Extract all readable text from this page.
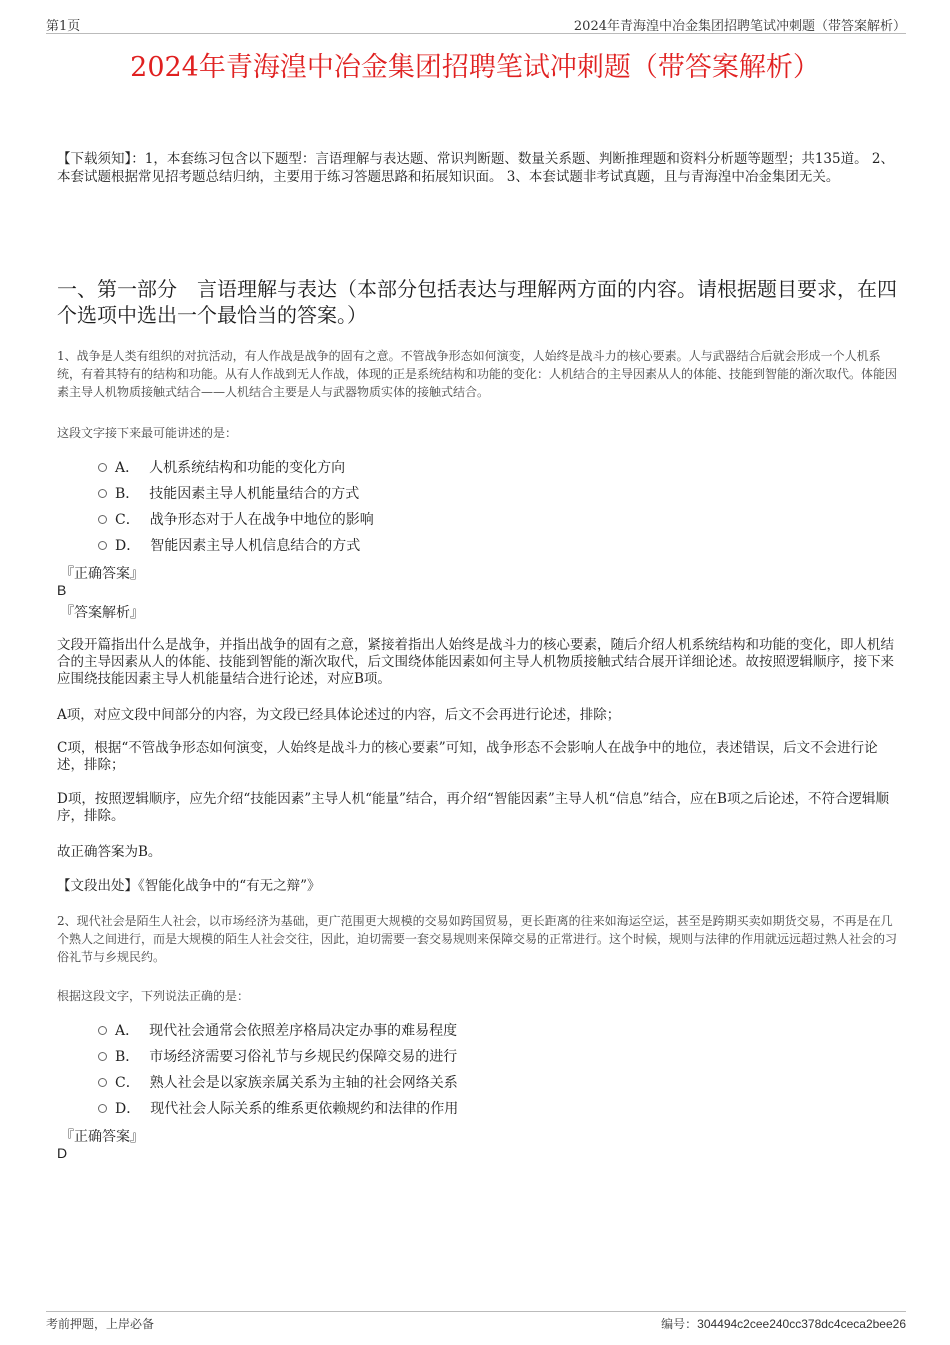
第1页	2024年青海湟中冶金集团招聘笔试冲刺题（带答案解析）
2024年青海湟中冶金集团招聘笔试冲刺题（带答案解析）
【下载须知】：1，本套练习包含以下题型：言语理解与表达题、常识判断题、数量关系题、判断推理题和资料分析题等题型；共135道。 2、本套试题根据常见招考题总结归纳，主要用于练习答题思路和拓展知识面。 3、本套试题非考试真题，且与青海湟中冶金集团无关。
一、第一部分　言语理解与表达（本部分包括表达与理解两方面的内容。请根据题目要求，在四个选项中选出一个最恰当的答案。）
1、战争是人类有组织的对抗活动，有人作战是战争的固有之意。不管战争形态如何演变，人始终是战斗力的核心要素。人与武器结合后就会形成一个人机系统，有着其特有的结构和功能。从有人作战到无人作战，体现的正是系统结构和功能的变化：人机结合的主导因素从人的体能、技能到智能的渐次取代。体能因素主导人机物质接触式结合——人机结合主要是人与武器物质实体的接触式结合。
这段文字接下来最可能讲述的是：
A． 人机系统结构和功能的变化方向
B． 技能因素主导人机能量结合的方式
C． 战争形态对于人在战争中地位的影响
D． 智能因素主导人机信息结合的方式
『正确答案』
B
『答案解析』
文段开篇指出什么是战争，并指出战争的固有之意，紧接着指出人始终是战斗力的核心要素，随后介绍人机系统结构和功能的变化，即人机结合的主导因素从人的体能、技能到智能的渐次取代，后文围绕体能因素如何主导人机物质接触式结合展开详细论述。故按照逻辑顺序，接下来应围绕技能因素主导人机能量结合进行论述，对应B项。
A项，对应文段中间部分的内容，为文段已经具体论述过的内容，后文不会再进行论述，排除；
C项，根据“不管战争形态如何演变，人始终是战斗力的核心要素”可知，战争形态不会影响人在战争中的地位，表述错误，后文不会进行论述，排除；
D项，按照逻辑顺序，应先介绍“技能因素”主导人机“能量”结合，再介绍“智能因素”主导人机“信息”结合，应在B项之后论述，不符合逻辑顺序，排除。
故正确答案为B。
【文段出处】《智能化战争中的“有无之辩”》
2、现代社会是陌生人社会，以市场经济为基础，更广范围更大规模的交易如跨国贸易，更长距离的往来如海运空运，甚至是跨期买卖如期货交易，不再是在几个熟人之间进行，而是大规模的陌生人社会交往，因此，迫切需要一套交易规则来保障交易的正常进行。这个时候，规则与法律的作用就远远超过熟人社会的习俗礼节与乡规民约。
根据这段文字，下列说法正确的是：
A． 现代社会通常会依照差序格局决定办事的难易程度
B． 市场经济需要习俗礼节与乡规民约保障交易的进行
C． 熟人社会是以家族亲属关系为主轴的社会网络关系
D． 现代社会人际关系的维系更依赖规约和法律的作用
『正确答案』
D
考前押题，上岸必备	编号：304494c2cee240cc378dc4ceca2bee26
